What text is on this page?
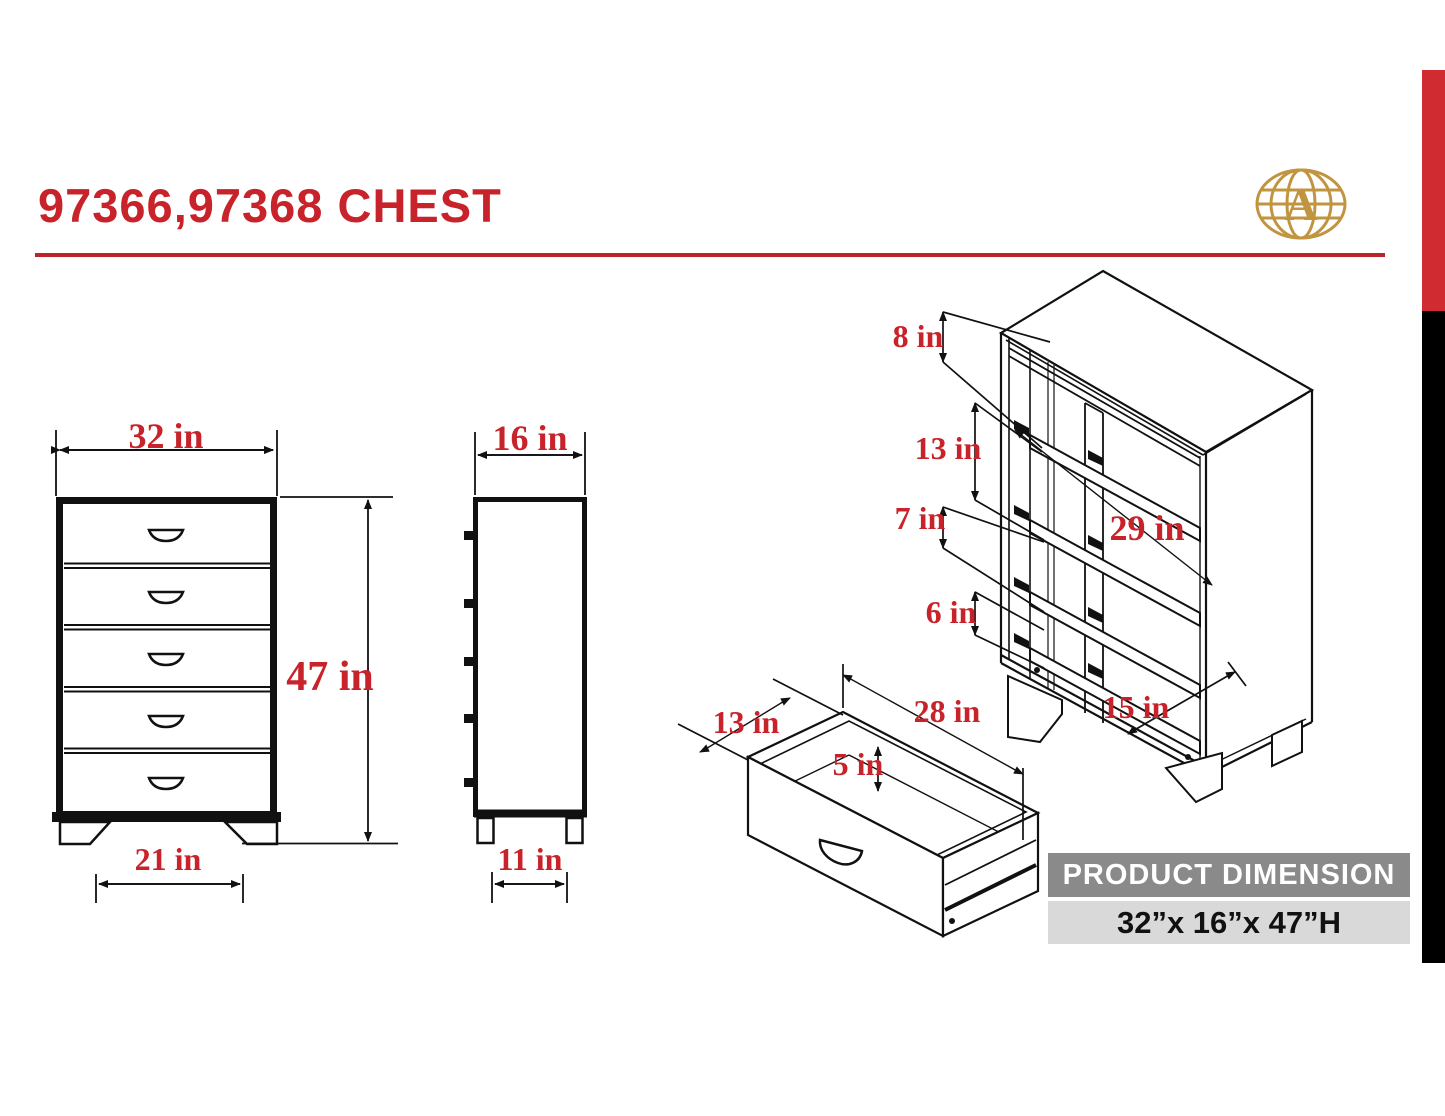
97366,97368 CHEST	A
32 in
47 in
21 in
16 in
11 in
8 in
13 in
7 in
6 in
29 in
15 in
13 in	28 in
5 in
PRODUCT DIMENSION
32”x 16”x 47”H
